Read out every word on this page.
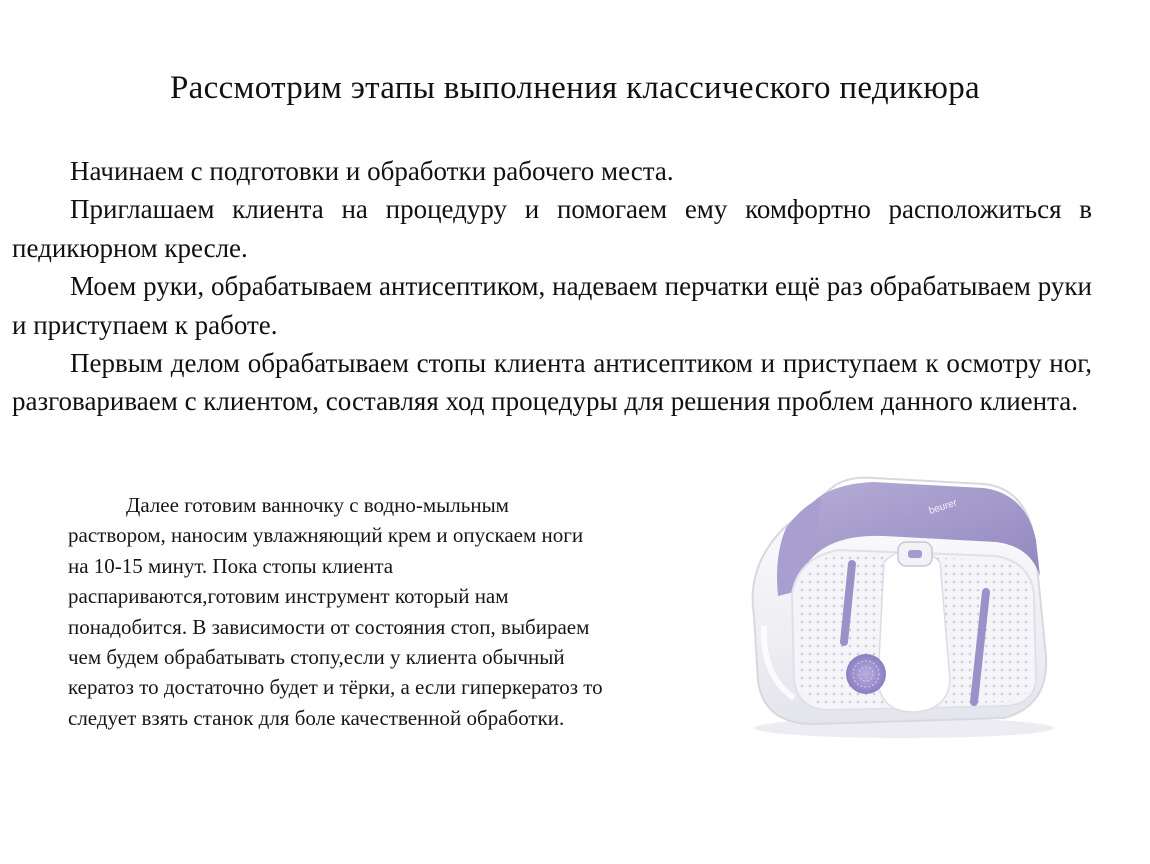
Рассмотрим этапы выполнения классического педикюра

Начинаем с подготовки и обработки рабочего места.

Приглашаем клиента на процедуру и помогаем ему комфортно расположиться в педикюрном кресле.

Моем руки, обрабатываем антисептиком, надеваем перчатки ещё раз обрабатываем руки и приступаем к работе.

Первым делом обрабатываем стопы клиента антисептиком и приступаем к осмотру ног, разговариваем с клиентом, составляя ход процедуры для решения проблем данного клиента.

Далее готовим ванночку с водно-мыльным раствором, наносим увлажняющий крем и опускаем ноги на 10-15 минут. Пока стопы клиента распариваются,готовим инструмент который нам понадобится. В зависимости от состояния стоп, выбираем чем будем обрабатывать стопу,если у клиента обычный кератоз то достаточно будет и тёрки, а если гиперкератоз то следует взять станок для боле качественной обработки.

beurer
